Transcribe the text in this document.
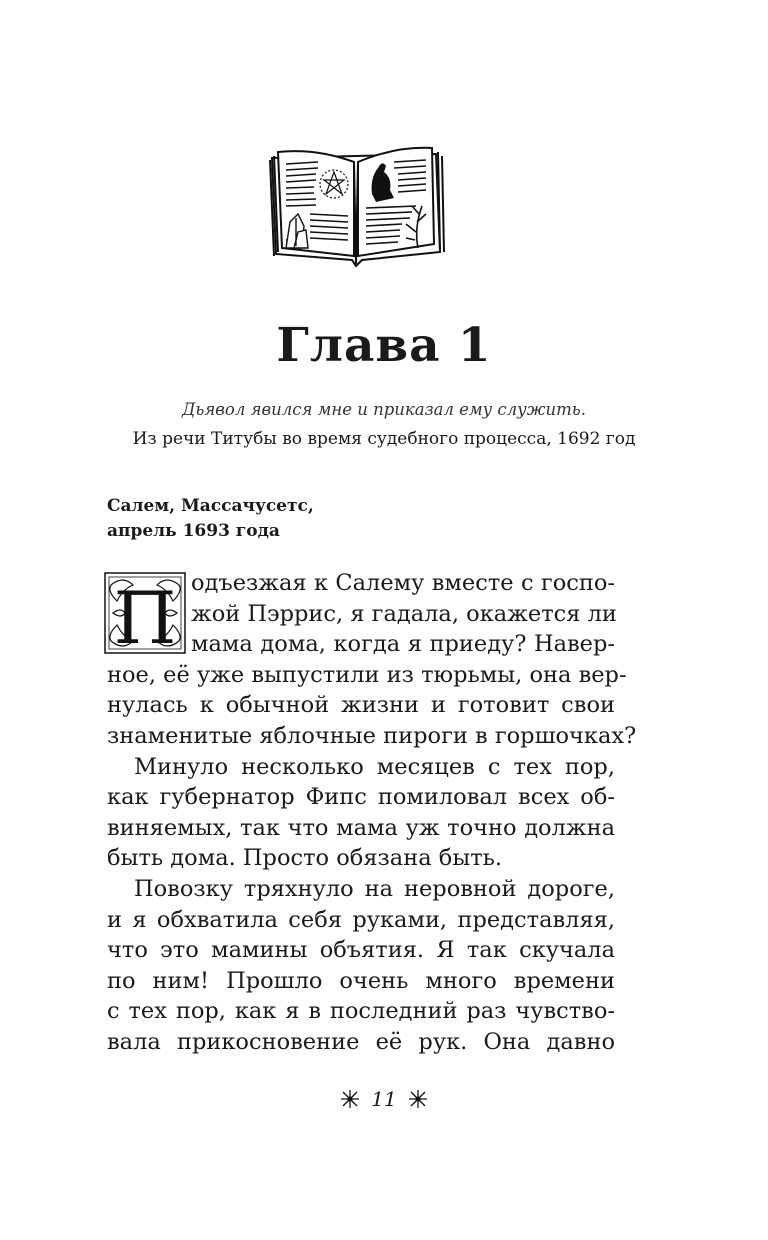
Глава 1
Дьявол явился мне и приказал ему служить.
Из речи Титубы во время судебного процесса, 1692 год
Салем, Массачусетс,
апрель 1693 года
П одъезжая к Салему вместе с госпо-
жой Пэррис, я гадала, окажется ли
мама дома, когда я приеду? Навер-
ное, её уже выпустили из тюрьмы, она вер-
нулась к обычной жизни и готовит свои
знаменитые яблочные пироги в горшочках?
Минуло несколько месяцев с тех пор,
как губернатор Фипс помиловал всех об-
виняемых, так что мама уж точно должна
быть дома. Просто обязана быть.
Повозку тряхнуло на неровной дороге,
и я обхватила себя руками, представляя,
что это мамины объятия. Я так скучала
по ним! Прошло очень много времени
с тех пор, как я в последний раз чувство-
вала прикосновение её рук. Она давно
11
